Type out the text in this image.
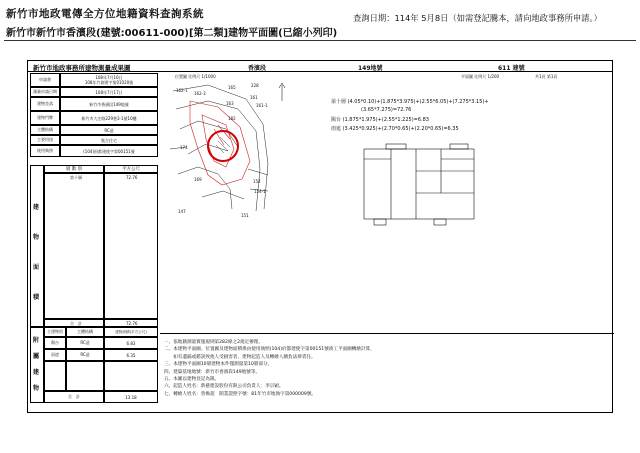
新竹市地政電傳全方位地籍資料查詢系統
新竹市新竹市香濱段(建號:00611-000)[第二類]建物平面圖(已縮小列印)
查詢日期：114年 5月8日（如需登記騰本，請向地政事務所申請。）
新竹市地政事務所建物測量成果圖	香濱段	149地號	611 建號
申請書	108年7月16日
108年竹測建字第01020號
測量申請日期	108年7月17日
建物坐落	新竹市香濱段149地號
建物門牌	新竹市大庄路229巷3-1號10樓
主體結構	RC造
主要用途	集合住宅
使用執照	(104)府都建使字第00151號
建 物 面 積
層 數 別	平方公尺
第十層	72.76
合　計	72.76
附 屬 建 物
主建物別	主體結構	建物面積(平方公尺)
陽台	RC造	6.83
雨遮	RC造	6.35
合　計	13.18
位置圖 比例尺 1/1000
162-1
162-3
165
161
228
163	161-1
174
182
169	154
154-1
151
147
平面圖 比例尺 1/200	共1頁 第1頁
第十層 (4.05*0.10)+(1.875*3.975)+(2.55*6.05)+(7.275*3.15)+
(3.65*7.275)=72.76
陽台 (1.875*1.975)+(2.55*1.225)=6.83
雨遮 (3.425*0.925)+(2.70*0.65)+(2.20*0.65)=6.35
一、依地籍測量實施規則第282條之2規定辦理。
二、本建物平面圖、位置圖及建物面積係由使用執照(104)府都建使字第00151號竣工平面圖轉繪計算，
　　如有遺漏或錯誤致他人受損害者，建物起造人及轉繪人願負法律責任。
三、本建物平面圖10層建物本件僅測量第10層部分。
四、建築基地地號：新竹市香濱段149地號等。
五、本圖以建物登記為限。
六、起造人姓名：新藝建設股份有限公司負責人：李宗穎。
七、轉繪人姓名：曾煥超　開業證照字號：81年竹市地執字第000009號。
